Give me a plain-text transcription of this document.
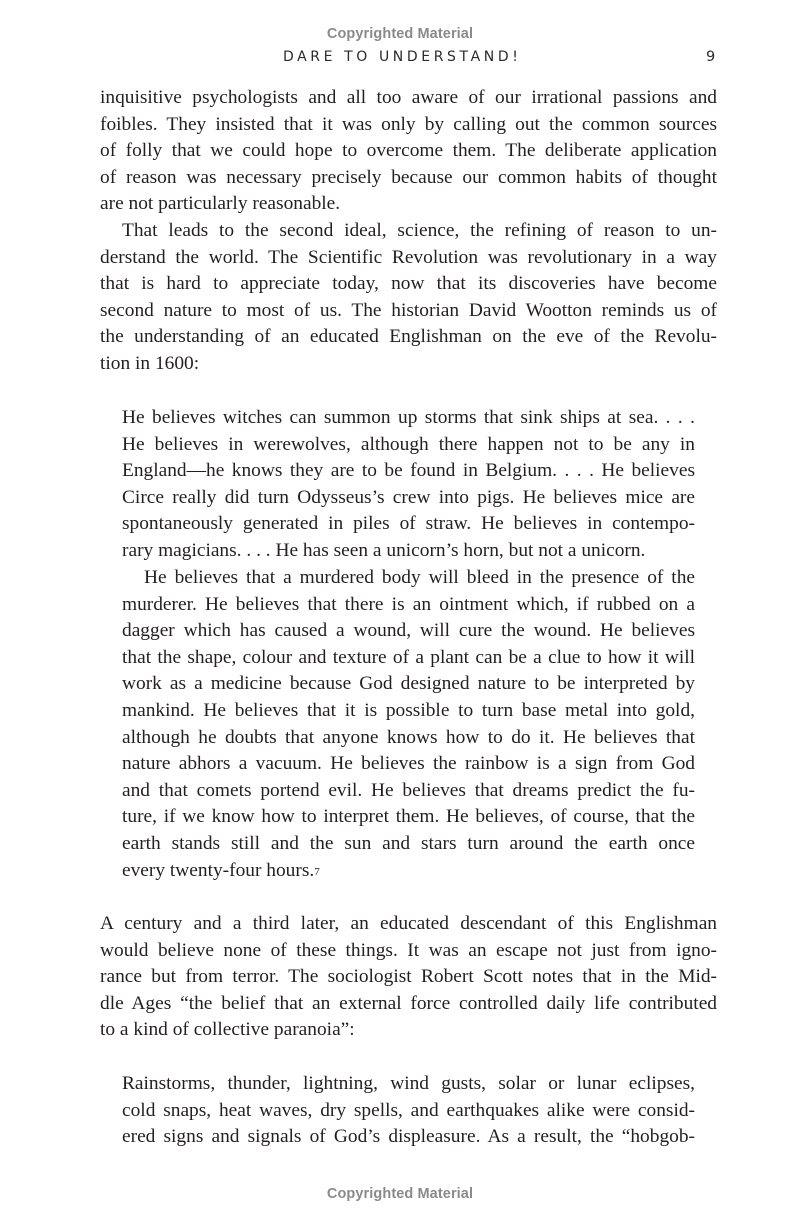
Copyrighted Material
DARE TO UNDERSTAND!	9
inquisitive psychologists and all too aware of our irrational passions and
foibles. They insisted that it was only by calling out the common sources
of folly that we could hope to overcome them. The deliberate application
of reason was necessary precisely because our common habits of thought
are not particularly reasonable.
That leads to the second ideal, science, the refining of reason to un-
derstand the world. The Scientific Revolution was revolutionary in a way
that is hard to appreciate today, now that its discoveries have become
second nature to most of us. The historian David Wootton reminds us of
the understanding of an educated Englishman on the eve of the Revolu-
tion in 1600:
He believes witches can summon up storms that sink ships at sea. . . .
He believes in werewolves, although there happen not to be any in
England—he knows they are to be found in Belgium. . . . He believes
Circe really did turn Odysseus’s crew into pigs. He believes mice are
spontaneously generated in piles of straw. He believes in contempo-
rary magicians. . . . He has seen a unicorn’s horn, but not a unicorn.
He believes that a murdered body will bleed in the presence of the
murderer. He believes that there is an ointment which, if rubbed on a
dagger which has caused a wound, will cure the wound. He believes
that the shape, colour and texture of a plant can be a clue to how it will
work as a medicine because God designed nature to be interpreted by
mankind. He believes that it is possible to turn base metal into gold,
although he doubts that anyone knows how to do it. He believes that
nature abhors a vacuum. He believes the rainbow is a sign from God
and that comets portend evil. He believes that dreams predict the fu-
ture, if we know how to interpret them. He believes, of course, that the
earth stands still and the sun and stars turn around the earth once
every twenty-four hours.$^7$
A century and a third later, an educated descendant of this Englishman
would believe none of these things. It was an escape not just from igno-
rance but from terror. The sociologist Robert Scott notes that in the Mid-
dle Ages “the belief that an external force controlled daily life contributed
to a kind of collective paranoia”:
Rainstorms, thunder, lightning, wind gusts, solar or lunar eclipses,
cold snaps, heat waves, dry spells, and earthquakes alike were consid-
ered signs and signals of God’s displeasure. As a result, the “hobgob-
Copyrighted Material
